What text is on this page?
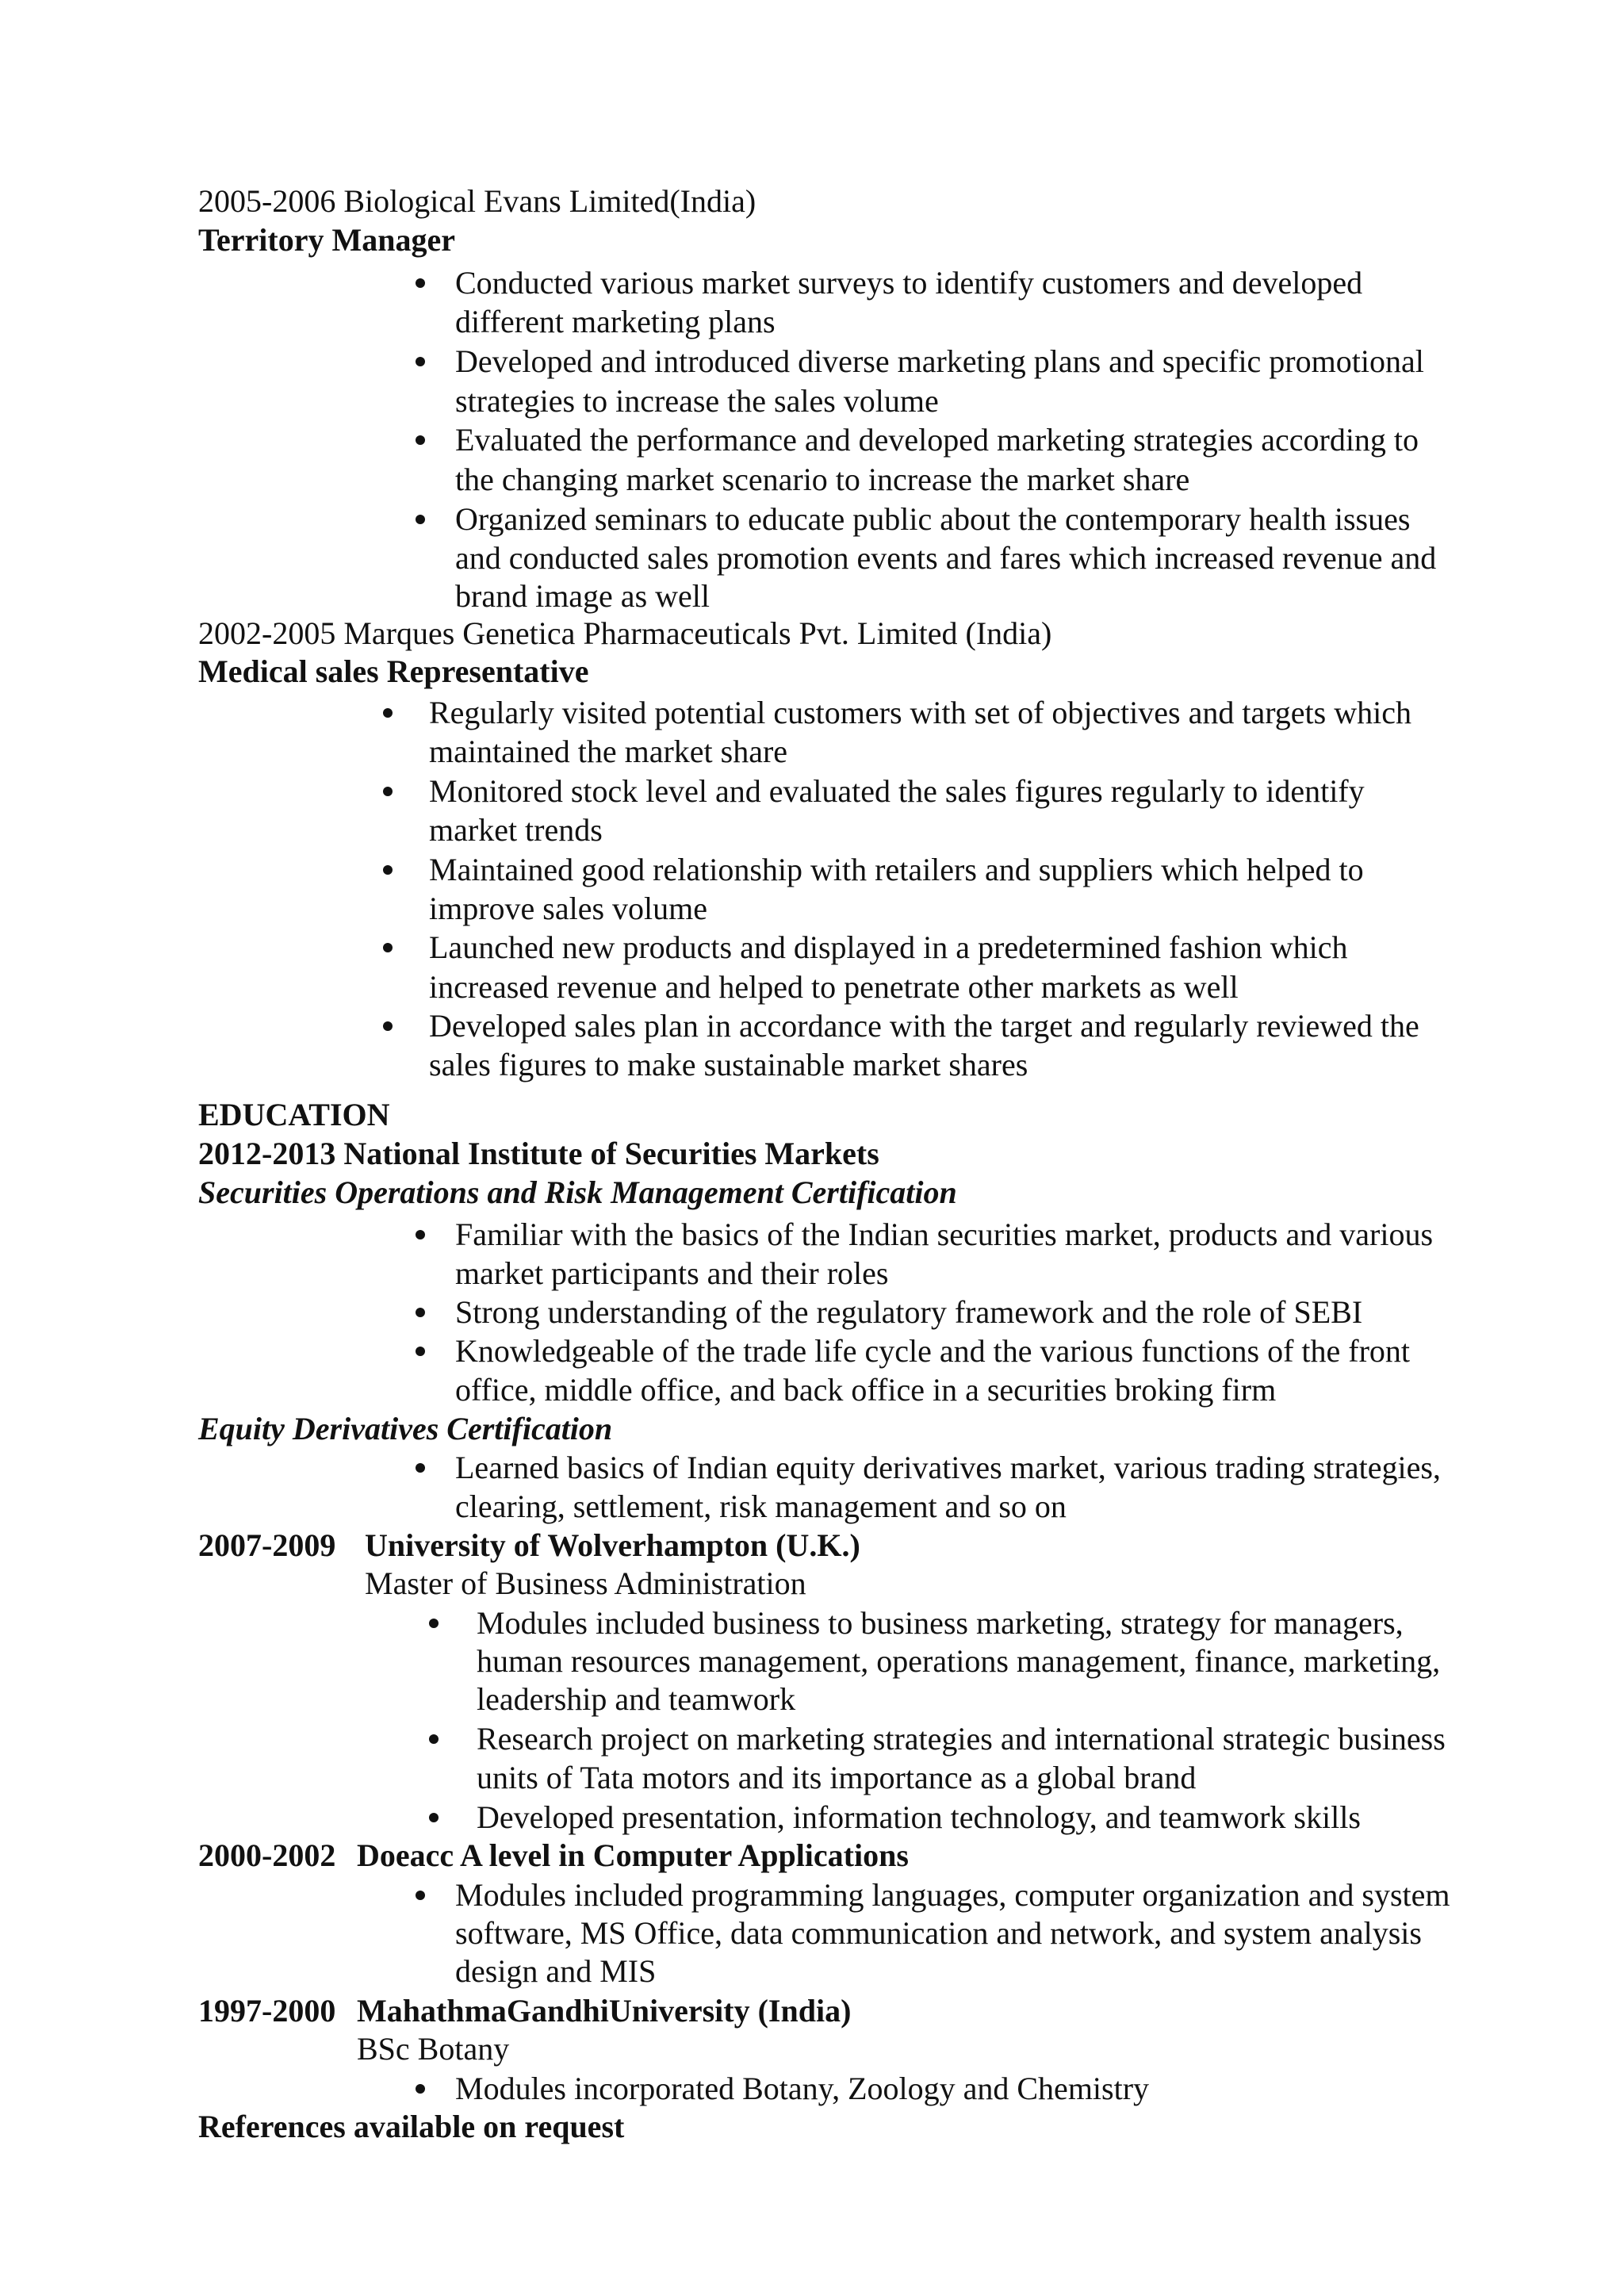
2005-2006 Biological Evans Limited(India)
Territory Manager
Conducted various market surveys to identify customers and developed
different marketing plans
Developed and introduced diverse marketing plans and specific promotional
strategies to increase the sales volume
Evaluated the performance and developed marketing strategies according to
the changing market scenario to increase the market share
Organized seminars to educate public about the contemporary health issues
and conducted sales promotion events and fares which increased revenue and
brand image as well
2002-2005 Marques Genetica Pharmaceuticals Pvt. Limited (India)
Medical sales Representative
Regularly visited potential customers with set of objectives and targets which
maintained the market share
Monitored stock level and evaluated the sales figures regularly to identify
market trends
Maintained good relationship with retailers and suppliers which helped to
improve sales volume
Launched new products and displayed in a predetermined fashion which
increased revenue and helped to penetrate other markets as well
Developed sales plan in accordance with the target and regularly reviewed the
sales figures to make sustainable market shares
EDUCATION
2012-2013 National Institute of Securities Markets
Securities Operations and Risk Management Certification
Familiar with the basics of the Indian securities market, products and various
market participants and their roles
Strong understanding of the regulatory framework and the role of SEBI
Knowledgeable of the trade life cycle and the various functions of the front
office, middle office, and back office in a securities broking firm
Equity Derivatives Certification
Learned basics of Indian equity derivatives market, various trading strategies,
clearing, settlement, risk management and so on
2007-2009 University of Wolverhampton (U.K.)
Master of Business Administration
Modules included business to business marketing, strategy for managers,
human resources management, operations management, finance, marketing,
leadership and teamwork
Research project on marketing strategies and international strategic business
units of Tata motors and its importance as a global brand
Developed presentation, information technology, and teamwork skills
2000-2002 Doeacc A level in Computer Applications
Modules included programming languages, computer organization and system
software, MS Office, data communication and network, and system analysis
design and MIS
1997-2000 MahathmaGandhiUniversity (India)
BSc Botany
Modules incorporated Botany, Zoology and Chemistry
References available on request
